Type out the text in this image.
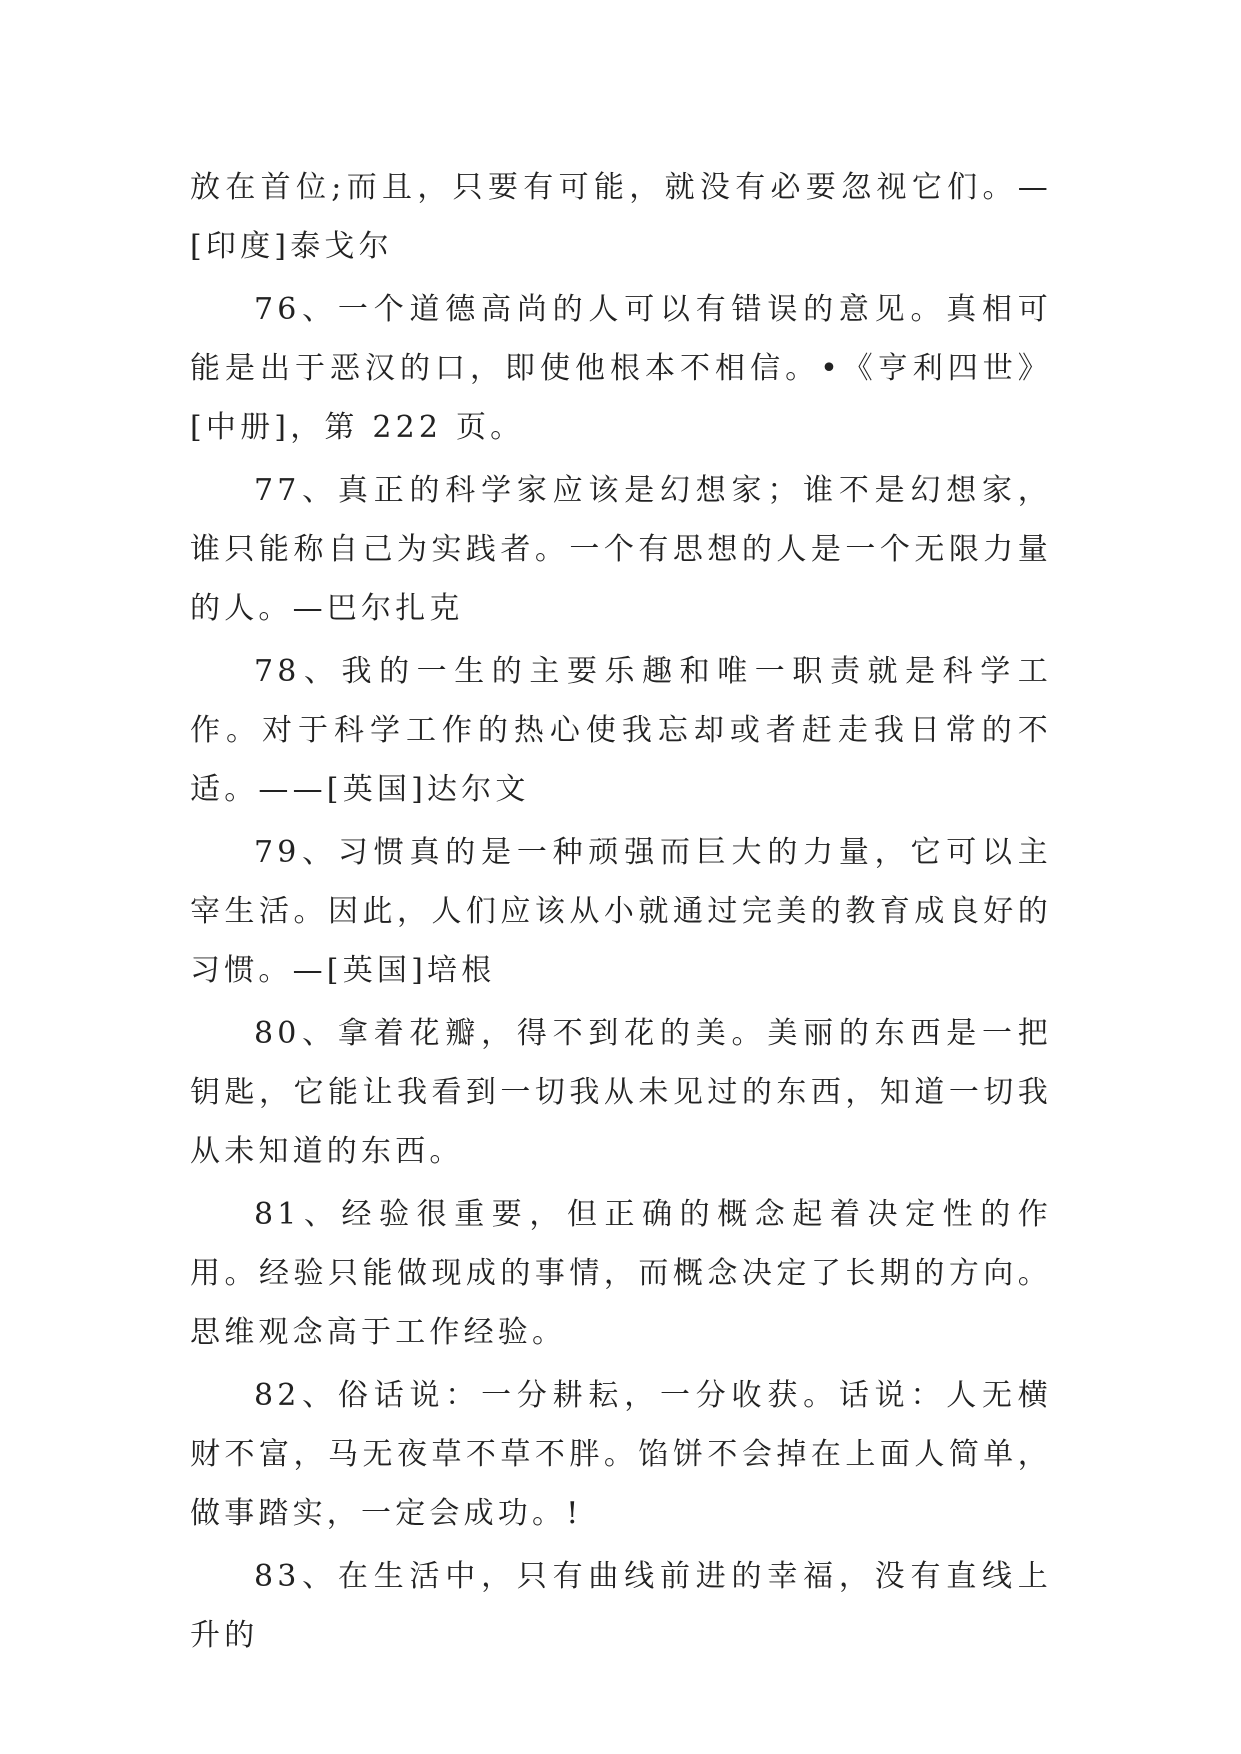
放在首位;而且，只要有可能，就没有必要忽视它们。—[印度]泰戈尔

76、一个道德高尚的人可以有错误的意见。真相可能是出于恶汉的口，即使他根本不相信。•《亨利四世》[中册]，第 222 页。

77、真正的科学家应该是幻想家；谁不是幻想家，谁只能称自己为实践者。一个有思想的人是一个无限力量的人。—巴尔扎克

78、我的一生的主要乐趣和唯一职责就是科学工作。对于科学工作的热心使我忘却或者赶走我日常的不适。——[英国]达尔文

79、习惯真的是一种顽强而巨大的力量，它可以主宰生活。因此，人们应该从小就通过完美的教育成良好的习惯。—[英国]培根

80、拿着花瓣，得不到花的美。美丽的东西是一把钥匙，它能让我看到一切我从未见过的东西，知道一切我从未知道的东西。

81、经验很重要，但正确的概念起着决定性的作用。经验只能做现成的事情，而概念决定了长期的方向。思维观念高于工作经验。

82、俗话说：一分耕耘，一分收获。话说：人无横财不富，马无夜草不草不胖。馅饼不会掉在上面人简单，做事踏实，一定会成功。!

83、在生活中，只有曲线前进的幸福，没有直线上升的
